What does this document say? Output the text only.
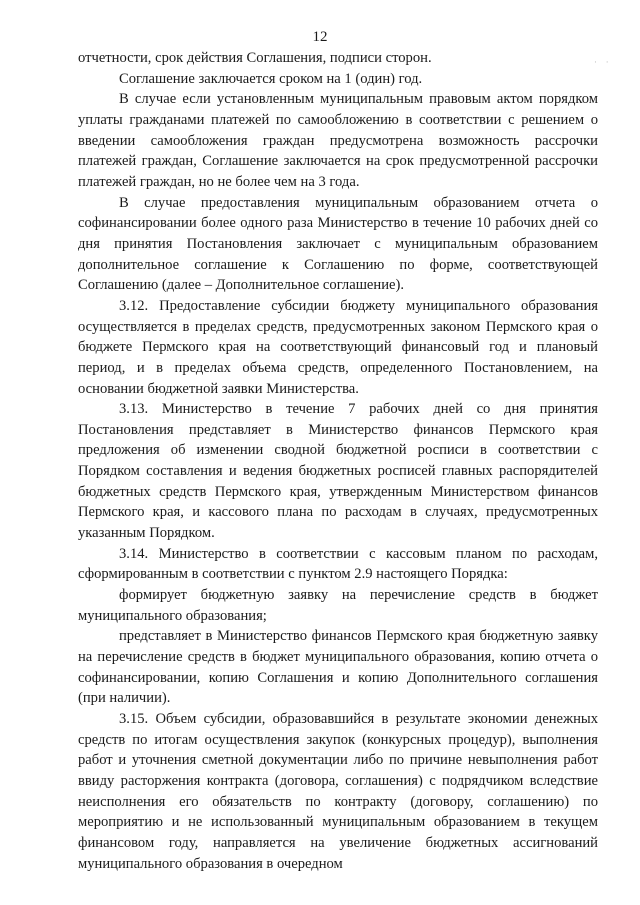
12
· ·

отчетности, срок действия Соглашения, подписи сторон.

Соглашение заключается сроком на 1 (один) год.

В случае если установленным муниципальным правовым актом порядком уплаты гражданами платежей по самообложению в соответствии с решением о введении самообложения граждан предусмотрена возможность рассрочки платежей граждан, Соглашение заключается на срок предусмотренной рассрочки платежей граждан, но не более чем на 3 года.

В случае предоставления муниципальным образованием отчета о софинансировании более одного раза Министерство в течение 10 рабочих дней со дня принятия Постановления заключает с муниципальным образованием дополнительное соглашение к Соглашению по форме, соответствующей Соглашению (далее – Дополнительное соглашение).

3.12. Предоставление субсидии бюджету муниципального образования осуществляется в пределах средств, предусмотренных законом Пермского края о бюджете Пермского края на соответствующий финансовый год и плановый период, и в пределах объема средств, определенного Постановлением, на основании бюджетной заявки Министерства.

3.13. Министерство в течение 7 рабочих дней со дня принятия Постановления представляет в Министерство финансов Пермского края предложения об изменении сводной бюджетной росписи в соответствии с Порядком составления и ведения бюджетных росписей главных распорядителей бюджетных средств Пермского края, утвержденным Министерством финансов Пермского края, и кассового плана по расходам в случаях, предусмотренных указанным Порядком.

3.14. Министерство в соответствии с кассовым планом по расходам, сформированным в соответствии с пунктом 2.9 настоящего Порядка:

формирует бюджетную заявку на перечисление средств в бюджет муниципального образования;

представляет в Министерство финансов Пермского края бюджетную заявку на перечисление средств в бюджет муниципального образования, копию отчета о софинансировании, копию Соглашения и копию Дополнительного соглашения (при наличии).

3.15. Объем субсидии, образовавшийся в результате экономии денежных средств по итогам осуществления закупок (конкурсных процедур), выполнения работ и уточнения сметной документации либо по причине невыполнения работ ввиду расторжения контракта (договора, соглашения) с подрядчиком вследствие неисполнения его обязательств по контракту (договору, соглашению) по мероприятию и не использованный муниципальным образованием в текущем финансовом году, направляется на увеличение бюджетных ассигнований муниципального образования в очередном
